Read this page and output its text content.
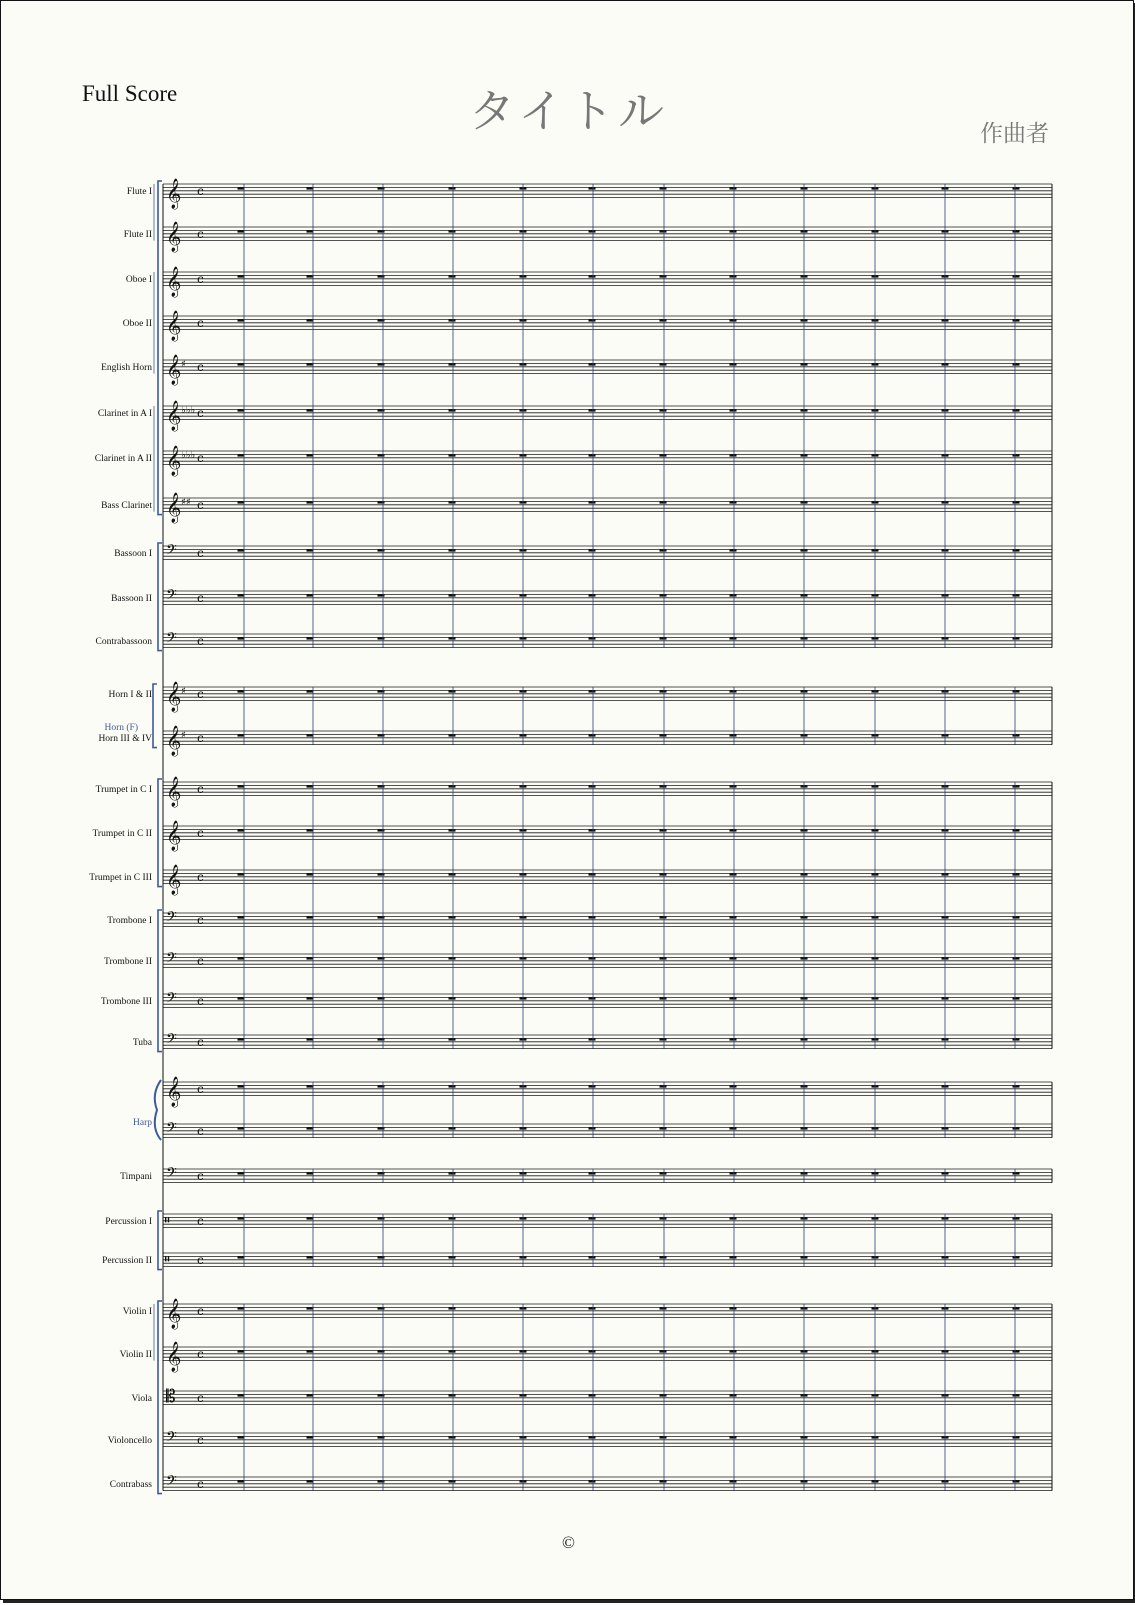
Full Score	タイトル	作曲者
Flute I 𝄞 c
Flute II 𝄞 c
Oboe I 𝄞 c
Oboe II 𝄞 c
English Horn 𝄞 ♯ c
Clarinet in A I 𝄞 ♭♭♭ c
Clarinet in A II 𝄞 ♭♭♭ c
Bass Clarinet 𝄞 ♯♯ c
Bassoon I 𝄢 c
Bassoon II 𝄢 c
Contrabassoon 𝄢 c
Horn I & II 𝄞 ♯ c
Horn III & IV 𝄞 ♯ c
Trumpet in C I 𝄞 c
Trumpet in C II 𝄞 c
Trumpet in C III 𝄞 c
Trombone I 𝄢 c
Trombone II 𝄢 c
Trombone III 𝄢 c
Tuba 𝄢 c
𝄞 c
𝄢 c
Timpani 𝄢 c
Percussion I 𝄥 c
Percussion II 𝄥 c
Violin I 𝄞 c
Violin II 𝄞 c
Viola 𝄡 c
Violoncello 𝄢 c
Contrabass 𝄢 c
Horn (F)
Harp
©
